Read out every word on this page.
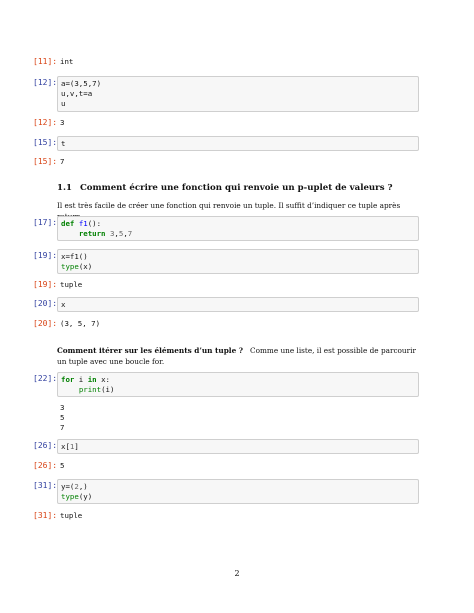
[11]: int
[12]: a=(3,5,7)
u,v,t=a
u
[12]: 3
[15]: t
[15]: 7
1.1 Comment écrire une fonction qui renvoie un p-uplet de valeurs ?
Il est très facile de créer une fonction qui renvoie un tuple. Il suffit d’indiquer ce tuple après
[17]: def f1():
return 3,5,7
[19]: x=f1()
type(x)
[19]: tuple
[20]: x
[20]: (3, 5, 7)
Comment itérer sur les éléments d’un tuple ? Comme une liste, il est possible de parcourir un tuple avec une boucle for.
[22]: for i in x:
print(i)
3
5
7
[26]: x[1]
[26]: 5
[31]: y=(2,)
type(y)
[31]: tuple
2
